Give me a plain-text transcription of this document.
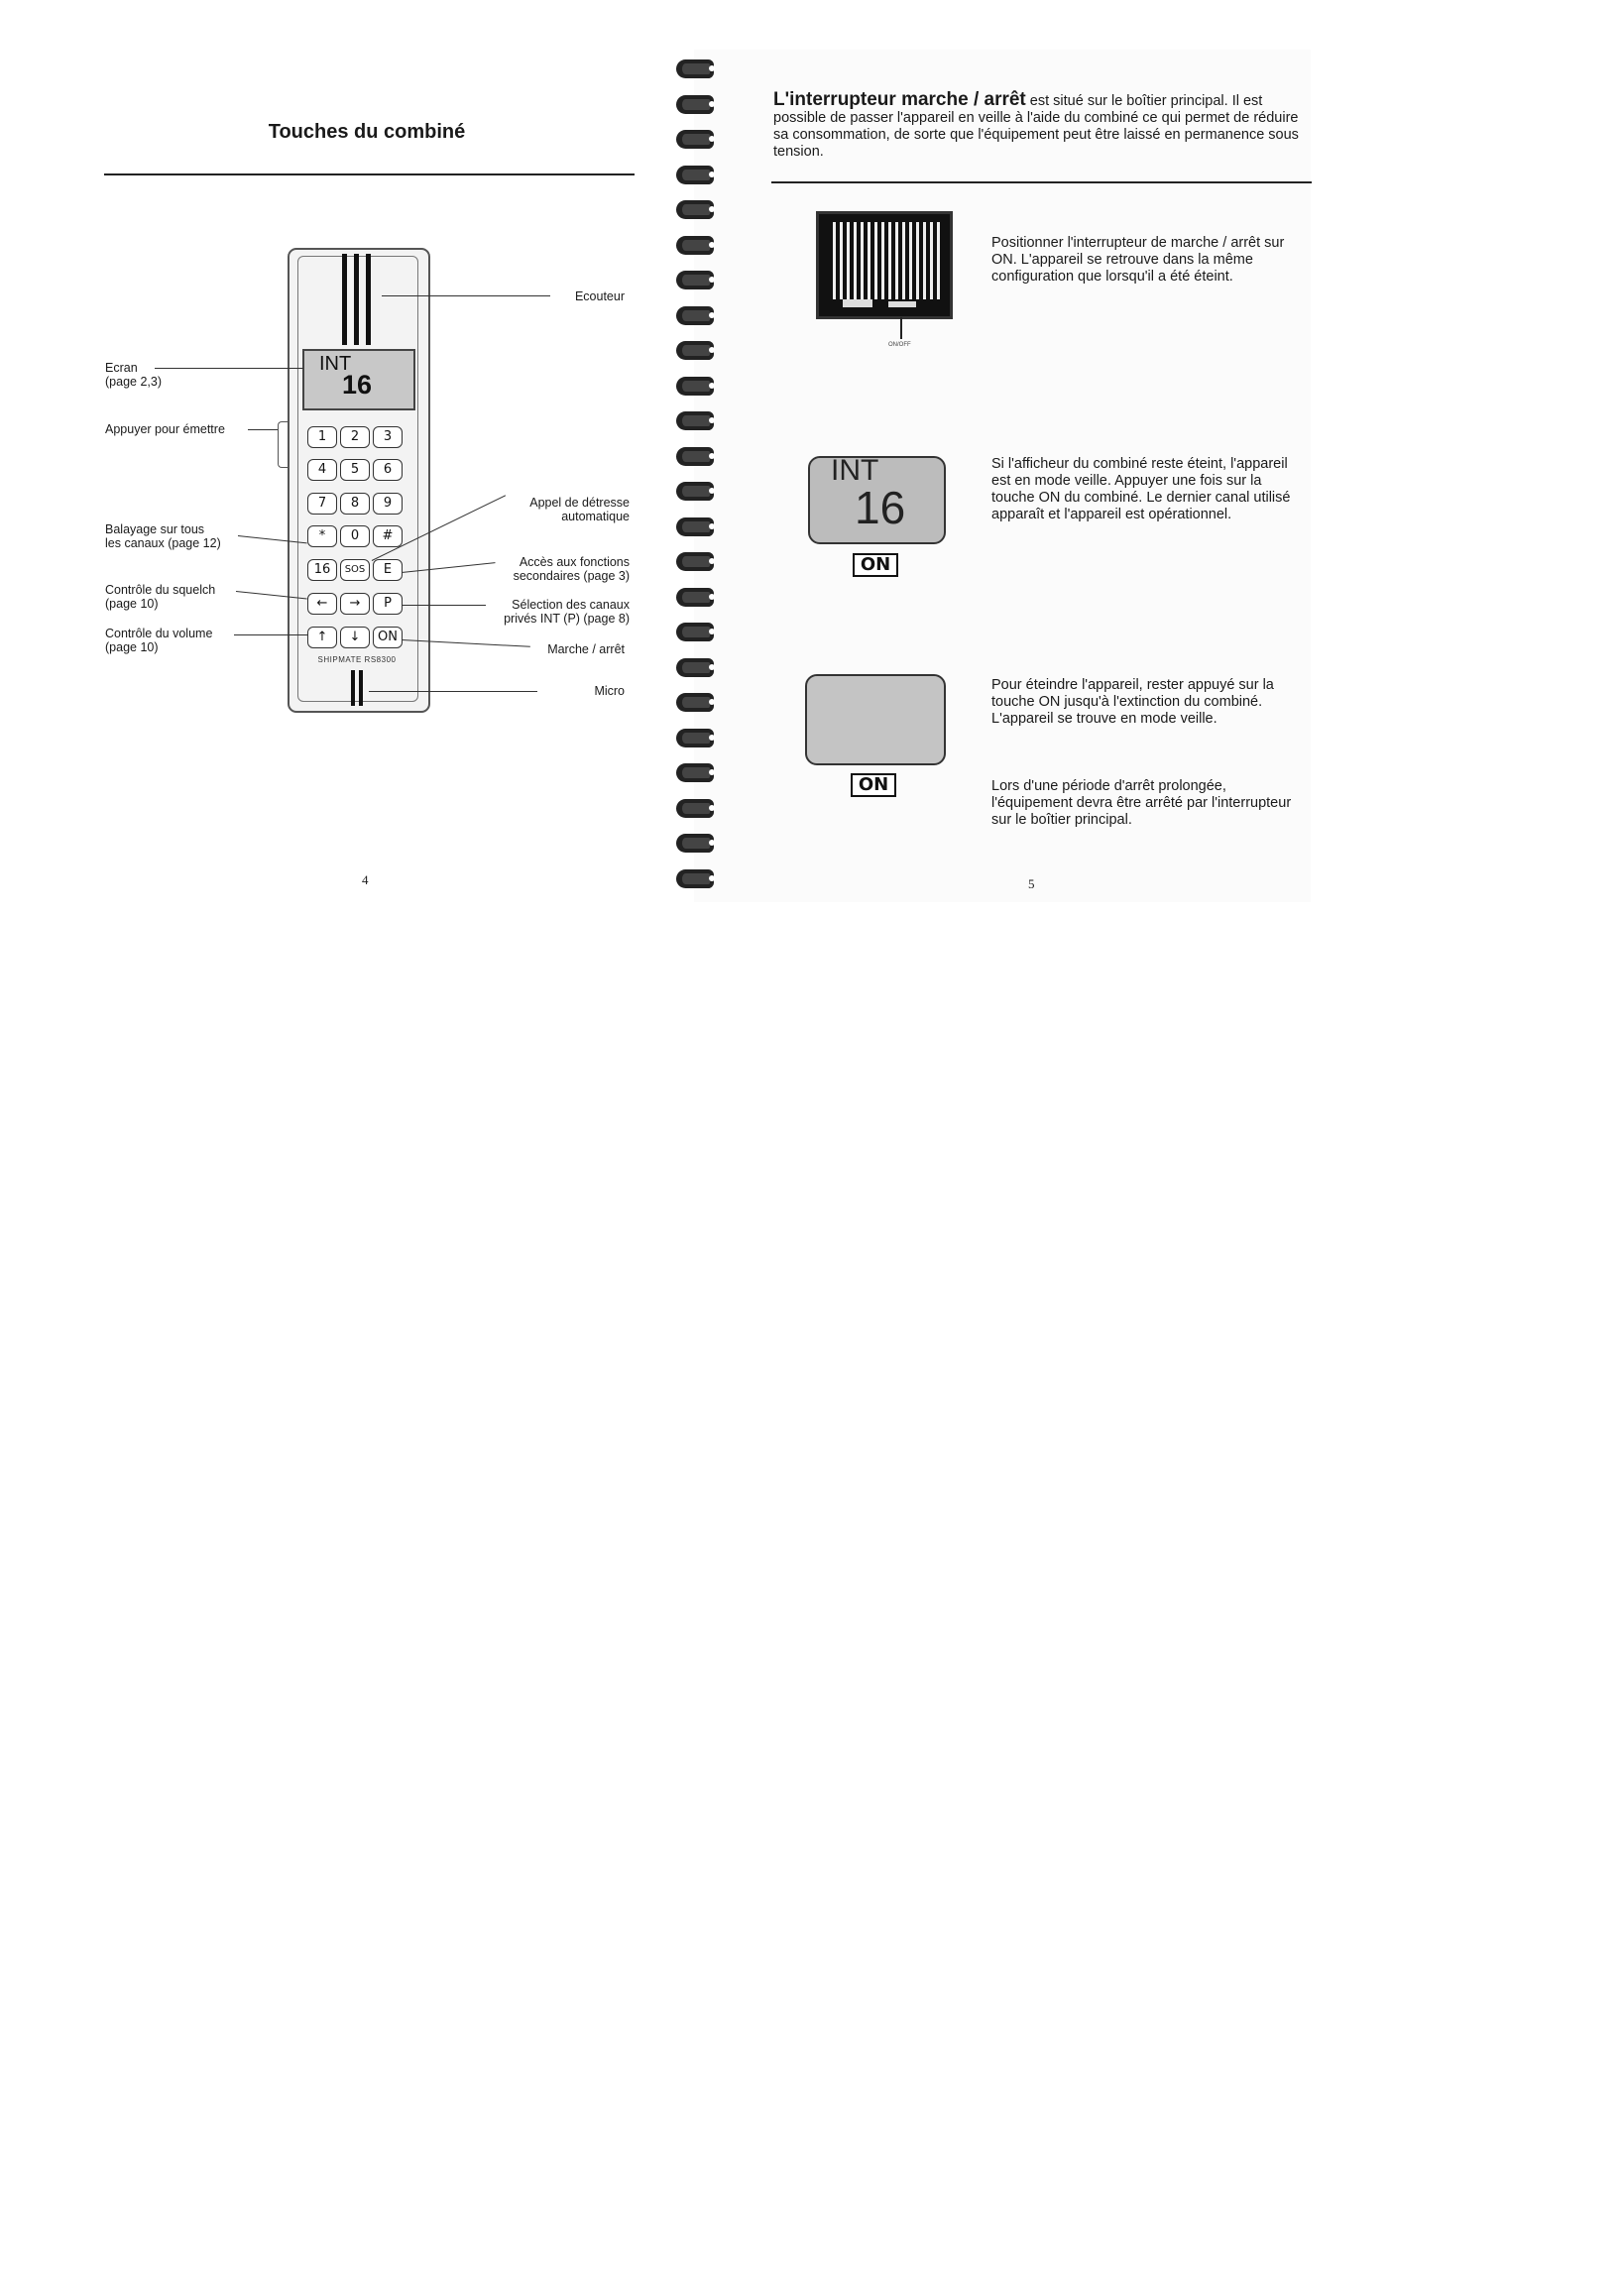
Touches du combiné
INT
16
1	2	3
4	5	6
7	8	9
*	0	#
16	SOS	E
←	→	P
↑	↓	ON
SHIPMATE RS8300
Ecran
(page 2,3)
Appuyer pour émettre
Balayage sur tous
les canaux (page 12)
Contrôle du squelch
(page 10)
Contrôle du volume
(page 10)
Ecouteur
Appel de détresse
automatique
Accès aux fonctions
secondaires (page 3)
Sélection des canaux
privés INT (P) (page 8)
Marche / arrêt
Micro
4
L'interrupteur marche / arrêt est situé sur le boîtier principal. Il est possible de passer l'appareil en veille à l'aide du combiné ce qui permet de réduire sa consommation, de sorte que l'équipement peut être laissé en permanence sous tension.
ON/OFF
Positionner l'interrupteur de marche / arrêt sur ON. L'appareil se retrouve dans la même configuration que lorsqu'il a été éteint.
INT
16
ON
Si l'afficheur du combiné reste éteint, l'appareil est en mode veille. Appuyer une fois sur la touche ON du combiné. Le dernier canal utilisé apparaît et l'appareil est opérationnel.
ON
Pour éteindre l'appareil, rester appuyé sur la touche ON jusqu'à l'extinction du combiné. L'appareil se trouve en mode veille.
Lors d'une période d'arrêt prolongée, l'équipement devra être arrêté par l'interrupteur sur le boîtier principal.
5
